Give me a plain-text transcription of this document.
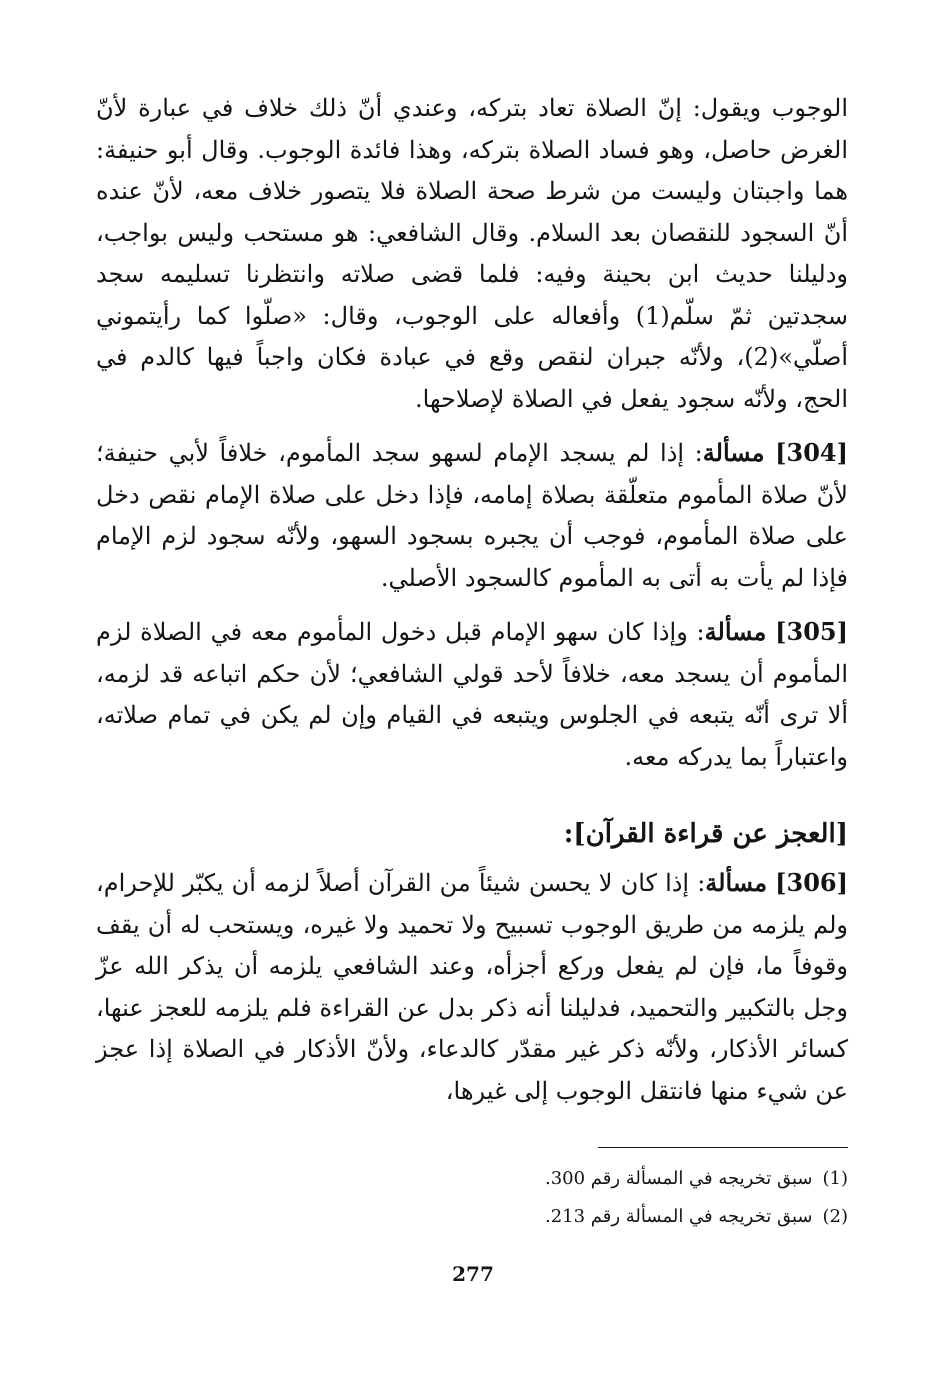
الوجوب ويقول: إنّ الصلاة تعاد بتركه، وعندي أنّ ذلك خلاف في عبارة لأنّ الغرض حاصل، وهو فساد الصلاة بتركه، وهذا فائدة الوجوب. وقال أبو حنيفة: هما واجبتان وليست من شرط صحة الصلاة فلا يتصور خلاف معه، لأنّ عنده أنّ السجود للنقصان بعد السلام. وقال الشافعي: هو مستحب وليس بواجب، ودليلنا حديث ابن بحينة وفيه: فلما قضى صلاته وانتظرنا تسليمه سجد سجدتين ثمّ سلّم(1) وأفعاله على الوجوب، وقال: «صلّوا كما رأيتموني أصلّي»(2)، ولأنّه جبران لنقص وقع في عبادة فكان واجباً فيها كالدم في الحج، ولأنّه سجود يفعل في الصلاة لإصلاحها.

[304] مسألة: إذا لم يسجد الإمام لسهو سجد المأموم، خلافاً لأبي حنيفة؛ لأنّ صلاة المأموم متعلّقة بصلاة إمامه، فإذا دخل على صلاة الإمام نقص دخل على صلاة المأموم، فوجب أن يجبره بسجود السهو، ولأنّه سجود لزم الإمام فإذا لم يأت به أتى به المأموم كالسجود الأصلي.

[305] مسألة: وإذا كان سهو الإمام قبل دخول المأموم معه في الصلاة لزم المأموم أن يسجد معه، خلافاً لأحد قولي الشافعي؛ لأن حكم اتباعه قد لزمه، ألا ترى أنّه يتبعه في الجلوس ويتبعه في القيام وإن لم يكن في تمام صلاته، واعتباراً بما يدركه معه.

[العجز عن قراءة القرآن]:

[306] مسألة: إذا كان لا يحسن شيئاً من القرآن أصلاً لزمه أن يكبّر للإحرام، ولم يلزمه من طريق الوجوب تسبيح ولا تحميد ولا غيره، ويستحب له أن يقف وقوفاً ما، فإن لم يفعل وركع أجزأه، وعند الشافعي يلزمه أن يذكر الله عزّ وجل بالتكبير والتحميد، فدليلنا أنه ذكر بدل عن القراءة فلم يلزمه للعجز عنها، كسائر الأذكار، ولأنّه ذكر غير مقدّر كالدعاء، ولأنّ الأذكار في الصلاة إذا عجز عن شيء منها فانتقل الوجوب إلى غيرها،

(1)سبق تخريجه في المسألة رقم 300.

(2)سبق تخريجه في المسألة رقم 213.

277
